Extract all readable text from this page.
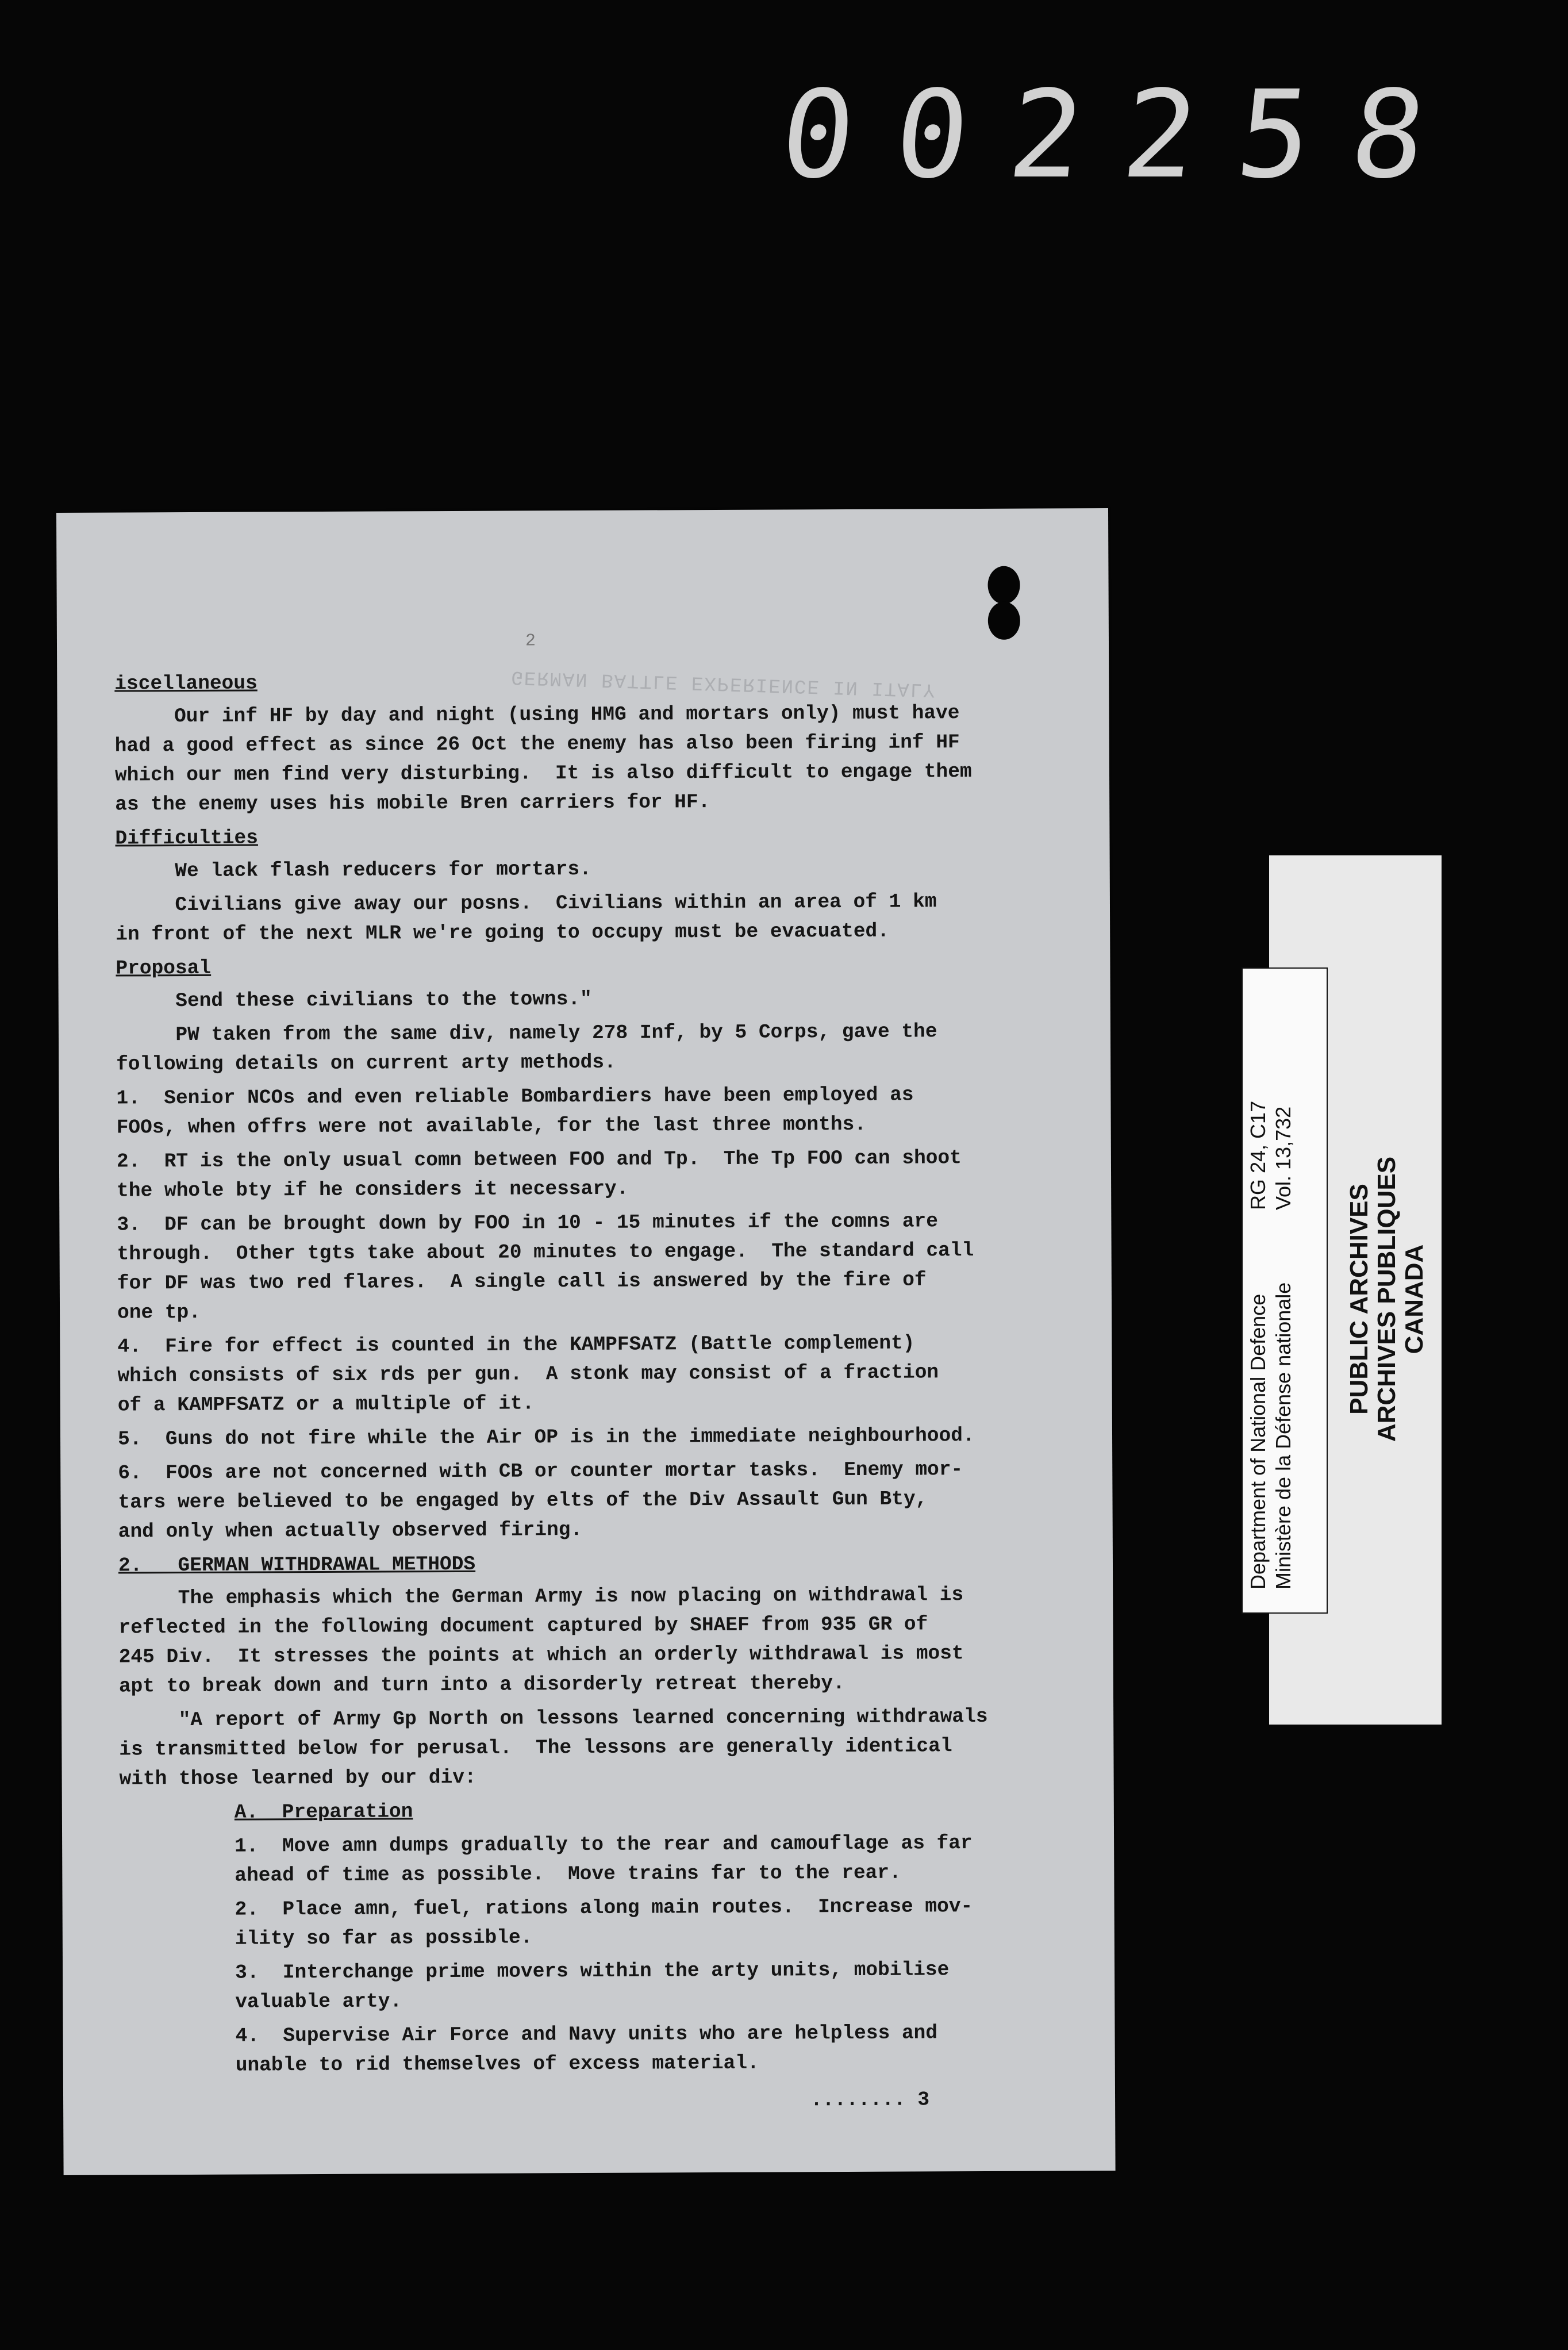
002258
2
GERMAN BATTLE EXPERIENCE IN ITALY
iscellaneous
Our inf HF by day and night (using HMG and mortars only) must have
had a good effect as since 26 Oct the enemy has also been firing inf HF
which our men find very disturbing.  It is also difficult to engage them
as the enemy uses his mobile Bren carriers for HF.
Difficulties
We lack flash reducers for mortars.
Civilians give away our posns.  Civilians within an area of 1 km
in front of the next MLR we're going to occupy must be evacuated.
Proposal
Send these civilians to the towns."
PW taken from the same div, namely 278 Inf, by 5 Corps, gave the
following details on current arty methods.
1.  Senior NCOs and even reliable Bombardiers have been employed as
FOOs, when offrs were not available, for the last three months.
2.  RT is the only usual comn between FOO and Tp.  The Tp FOO can shoot
the whole bty if he considers it necessary.
3.  DF can be brought down by FOO in 10 - 15 minutes if the comns are
through.  Other tgts take about 20 minutes to engage.  The standard call
for DF was two red flares.  A single call is answered by the fire of
one tp.
4.  Fire for effect is counted in the KAMPFSATZ (Battle complement)
which consists of six rds per gun.  A stonk may consist of a fraction
of a KAMPFSATZ or a multiple of it.
5.  Guns do not fire while the Air OP is in the immediate neighbourhood.
6.  FOOs are not concerned with CB or counter mortar tasks.  Enemy mor-
tars were believed to be engaged by elts of the Div Assault Gun Bty,
and only when actually observed firing.
2.   GERMAN WITHDRAWAL METHODS
The emphasis which the German Army is now placing on withdrawal is
reflected in the following document captured by SHAEF from 935 GR of
245 Div.  It stresses the points at which an orderly withdrawal is most
apt to break down and turn into a disorderly retreat thereby.
"A report of Army Gp North on lessons learned concerning withdrawals
is transmitted below for perusal.  The lessons are generally identical
with those learned by our div:
A.  Preparation
1.  Move amn dumps gradually to the rear and camouflage as far
ahead of time as possible.  Move trains far to the rear.
2.  Place amn, fuel, rations along main routes.  Increase mov-
ility so far as possible.
3.  Interchange prime movers within the arty units, mobilise
valuable arty.
4.  Supervise Air Force and Navy units who are helpless and
unable to rid themselves of excess material.
........ 3
Department of National Defence Ministère de la Défense nationale
RG 24, C17 Vol. 13,732
PUBLIC ARCHIVES ARCHIVES PUBLIQUES CANADA
